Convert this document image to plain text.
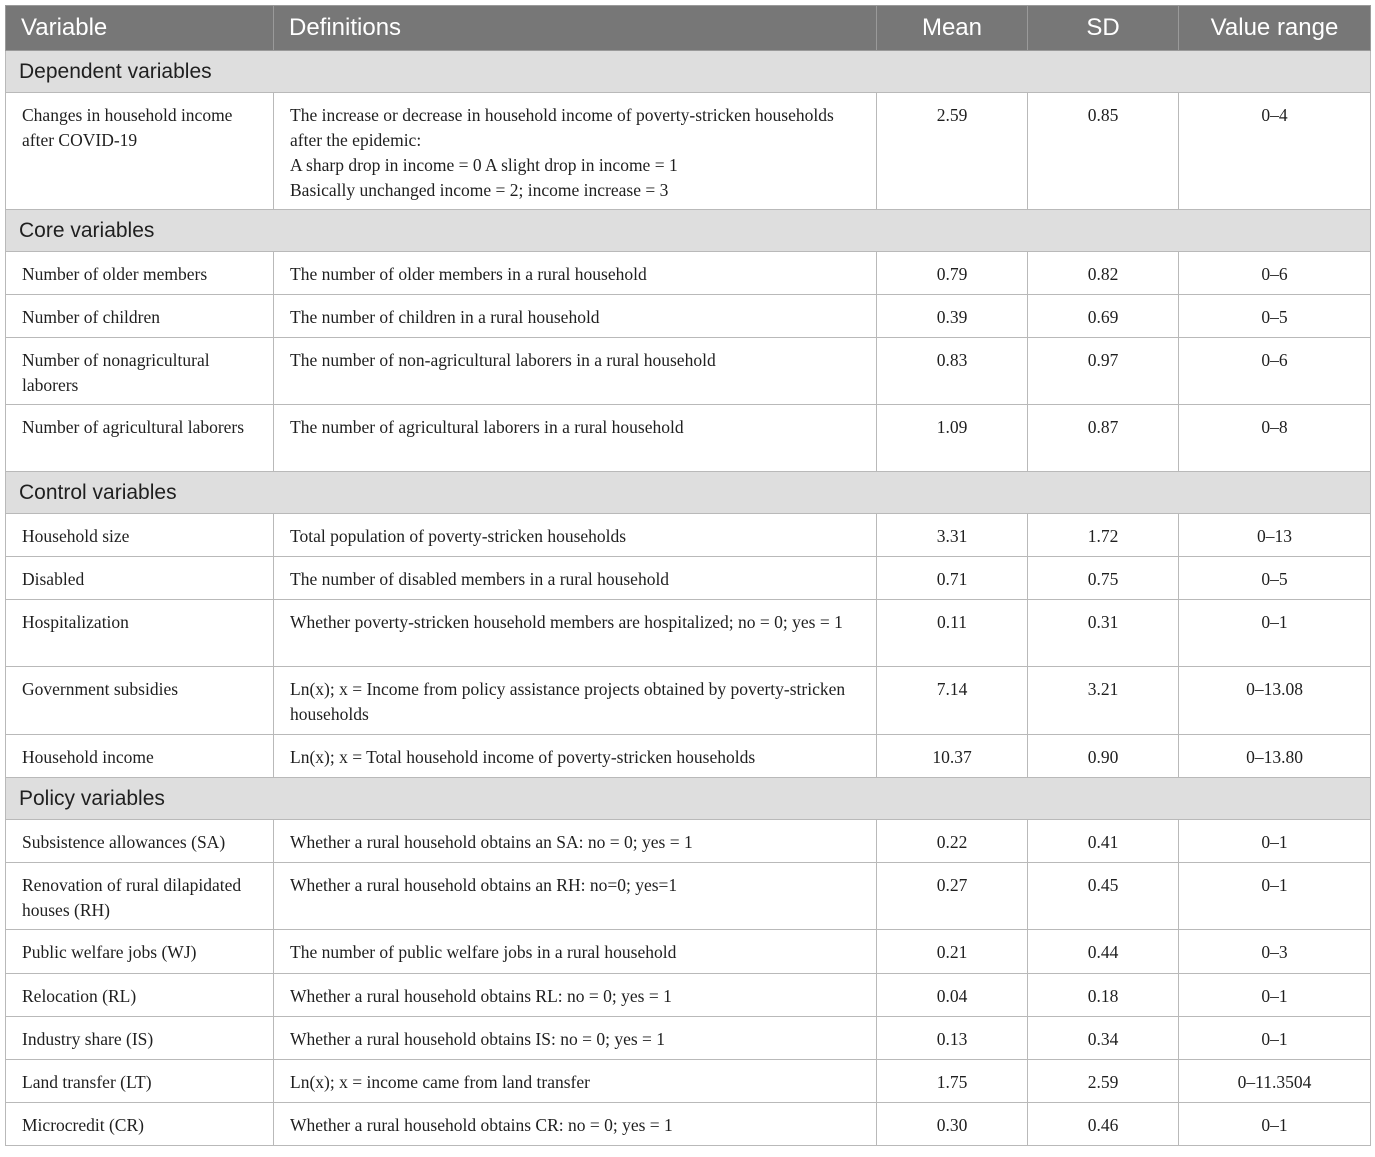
Variable	Definitions	Mean	SD	Value range
Dependent variables				
Changes in household income after COVID-19	The increase or decrease in household income of poverty-stricken households after the epidemic:
A sharp drop in income = 0 A slight drop in income = 1
Basically unchanged income = 2; income increase = 3	2.59	0.85	0–4
Core variables				
Number of older members	The number of older members in a rural household	0.79	0.82	0–6
Number of children	The number of children in a rural household	0.39	0.69	0–5
Number of nonagricultural laborers	The number of non-agricultural laborers in a rural household	0.83	0.97	0–6
Number of agricultural laborers	The number of agricultural laborers in a rural household	1.09	0.87	0–8
Control variables				
Household size	Total population of poverty-stricken households	3.31	1.72	0–13
Disabled	The number of disabled members in a rural household	0.71	0.75	0–5
Hospitalization	Whether poverty-stricken household members are hospitalized; no = 0; yes = 1	0.11	0.31	0–1
Government subsidies	Ln(x); x = Income from policy assistance projects obtained by poverty-stricken households	7.14	3.21	0–13.08
Household income	Ln(x); x = Total household income of poverty-stricken households	10.37	0.90	0–13.80
Policy variables				
Subsistence allowances (SA)	Whether a rural household obtains an SA: no = 0; yes = 1	0.22	0.41	0–1
Renovation of rural dilapidated houses (RH)	Whether a rural household obtains an RH: no=0; yes=1	0.27	0.45	0–1
Public welfare jobs (WJ)	The number of public welfare jobs in a rural household	0.21	0.44	0–3
Relocation (RL)	Whether a rural household obtains RL: no = 0; yes = 1	0.04	0.18	0–1
Industry share (IS)	Whether a rural household obtains IS: no = 0; yes = 1	0.13	0.34	0–1
Land transfer (LT)	Ln(x); x = income came from land transfer	1.75	2.59	0–11.3504
Microcredit (CR)	Whether a rural household obtains CR: no = 0; yes = 1	0.30	0.46	0–1
